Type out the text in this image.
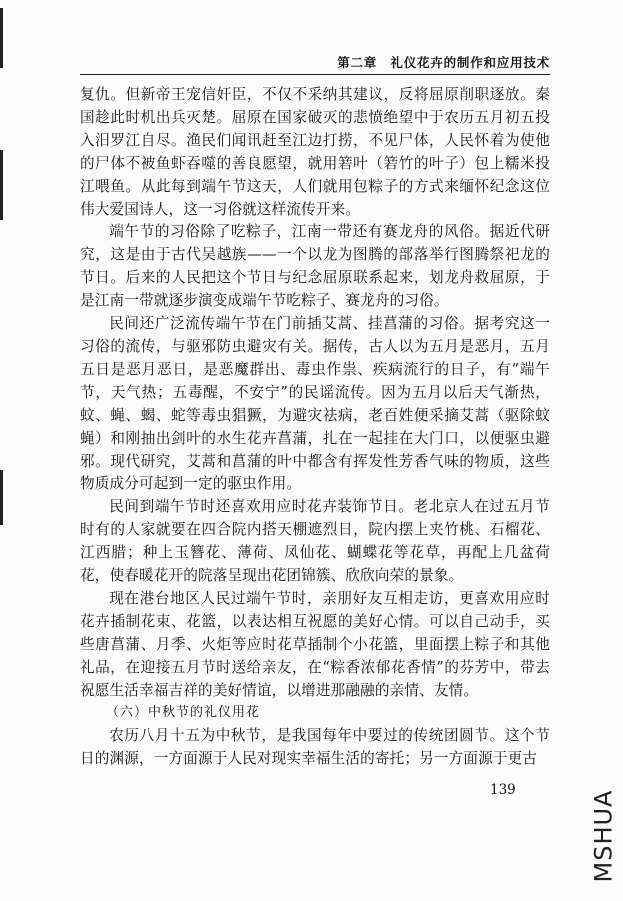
第二章　礼仪花卉的制作和应用技术

复仇。但新帝王宠信奸臣，不仅不采纳其建议，反将屈原削职逐放。秦国趁此时机出兵灭楚。屈原在国家破灭的悲愤绝望中于农历五月初五投入汨罗江自尽。渔民们闻讯赶至江边打捞，不见尸体，人民怀着为使他的尸体不被鱼虾吞噬的善良愿望，就用箬叶（箬竹的叶子）包上糯米投江喂鱼。从此每到端午节这天，人们就用包粽子的方式来缅怀纪念这位伟大爱国诗人，这一习俗就这样流传开来。

端午节的习俗除了吃粽子，江南一带还有赛龙舟的风俗。据近代研究，这是由于古代吴越族——一个以龙为图腾的部落举行图腾祭祀龙的节日。后来的人民把这个节日与纪念屈原联系起来，划龙舟救屈原，于是江南一带就逐步演变成端午节吃粽子、赛龙舟的习俗。

民间还广泛流传端午节在门前插艾蒿、挂菖蒲的习俗。据考究这一习俗的流传，与驱邪防虫避灾有关。据传，古人以为五月是恶月，五月五日是恶月恶日，是恶魔群出、毒虫作祟、疾病流行的日子，有“端午节，天气热；五毒醒，不安宁”的民谣流传。因为五月以后天气渐热，蚊、蝇、蝎、蛇等毒虫猖獗，为避灾祛病，老百姓便采摘艾蒿（驱除蚊蝇）和刚抽出剑叶的水生花卉菖蒲，扎在一起挂在大门口，以便驱虫避邪。现代研究，艾蒿和菖蒲的叶中都含有挥发性芳香气味的物质，这些物质成分可起到一定的驱虫作用。

民间到端午节时还喜欢用应时花卉装饰节日。老北京人在过五月节时有的人家就要在四合院内搭天棚遮烈日，院内摆上夹竹桃、石榴花、江西腊；种上玉簪花、薄荷、凤仙花、蝴蝶花等花草，再配上几盆荷花，使春暖花开的院落呈现出花团锦簇、欣欣向荣的景象。

现在港台地区人民过端午节时，亲朋好友互相走访，更喜欢用应时花卉插制花束、花篮，以表达相互祝愿的美好心情。可以自己动手，买些唐菖蒲、月季、火炬等应时花草插制个小花篮，里面摆上粽子和其他礼品，在迎接五月节时送给亲友，在“粽香浓郁花香情”的芬芳中，带去祝愿生活幸福吉祥的美好情谊，以增进那融融的亲情、友情。

（六）中秋节的礼仪用花

农历八月十五为中秋节，是我国每年中要过的传统团圆节。这个节日的渊源，一方面源于人民对现实幸福生活的寄托；另一方面源于更古

139	MSHUA
